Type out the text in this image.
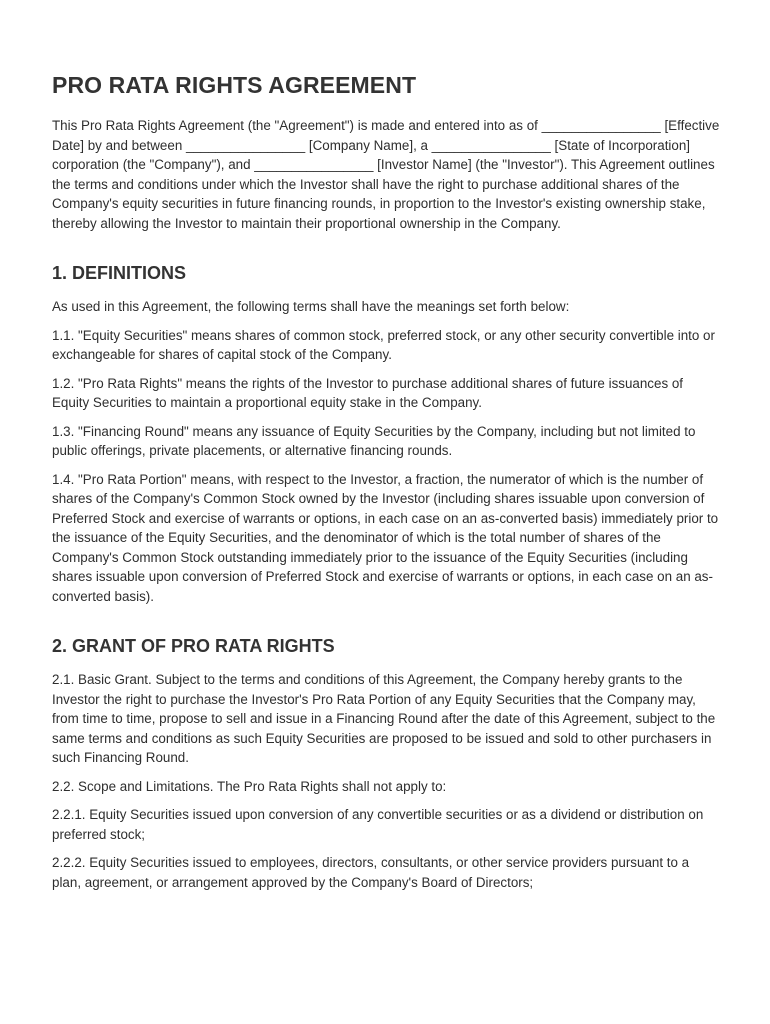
PRO RATA RIGHTS AGREEMENT

This Pro Rata Rights Agreement (the "Agreement") is made and entered into as of ________________ [Effective Date] by and between ________________ [Company Name], a ________________ [State of Incorporation] corporation (the "Company"), and ________________ [Investor Name] (the "Investor"). This Agreement outlines the terms and conditions under which the Investor shall have the right to purchase additional shares of the Company's equity securities in future financing rounds, in proportion to the Investor's existing ownership stake, thereby allowing the Investor to maintain their proportional ownership in the Company.

1. DEFINITIONS

As used in this Agreement, the following terms shall have the meanings set forth below:

1.1. "Equity Securities" means shares of common stock, preferred stock, or any other security convertible into or exchangeable for shares of capital stock of the Company.

1.2. "Pro Rata Rights" means the rights of the Investor to purchase additional shares of future issuances of Equity Securities to maintain a proportional equity stake in the Company.

1.3. "Financing Round" means any issuance of Equity Securities by the Company, including but not limited to public offerings, private placements, or alternative financing rounds.

1.4. "Pro Rata Portion" means, with respect to the Investor, a fraction, the numerator of which is the number of shares of the Company's Common Stock owned by the Investor (including shares issuable upon conversion of Preferred Stock and exercise of warrants or options, in each case on an as-converted basis) immediately prior to the issuance of the Equity Securities, and the denominator of which is the total number of shares of the Company's Common Stock outstanding immediately prior to the issuance of the Equity Securities (including shares issuable upon conversion of Preferred Stock and exercise of warrants or options, in each case on an as-converted basis).

2. GRANT OF PRO RATA RIGHTS

2.1. Basic Grant. Subject to the terms and conditions of this Agreement, the Company hereby grants to the Investor the right to purchase the Investor's Pro Rata Portion of any Equity Securities that the Company may, from time to time, propose to sell and issue in a Financing Round after the date of this Agreement, subject to the same terms and conditions as such Equity Securities are proposed to be issued and sold to other purchasers in such Financing Round.

2.2. Scope and Limitations. The Pro Rata Rights shall not apply to:

2.2.1. Equity Securities issued upon conversion of any convertible securities or as a dividend or distribution on preferred stock;

2.2.2. Equity Securities issued to employees, directors, consultants, or other service providers pursuant to a plan, agreement, or arrangement approved by the Company's Board of Directors;
